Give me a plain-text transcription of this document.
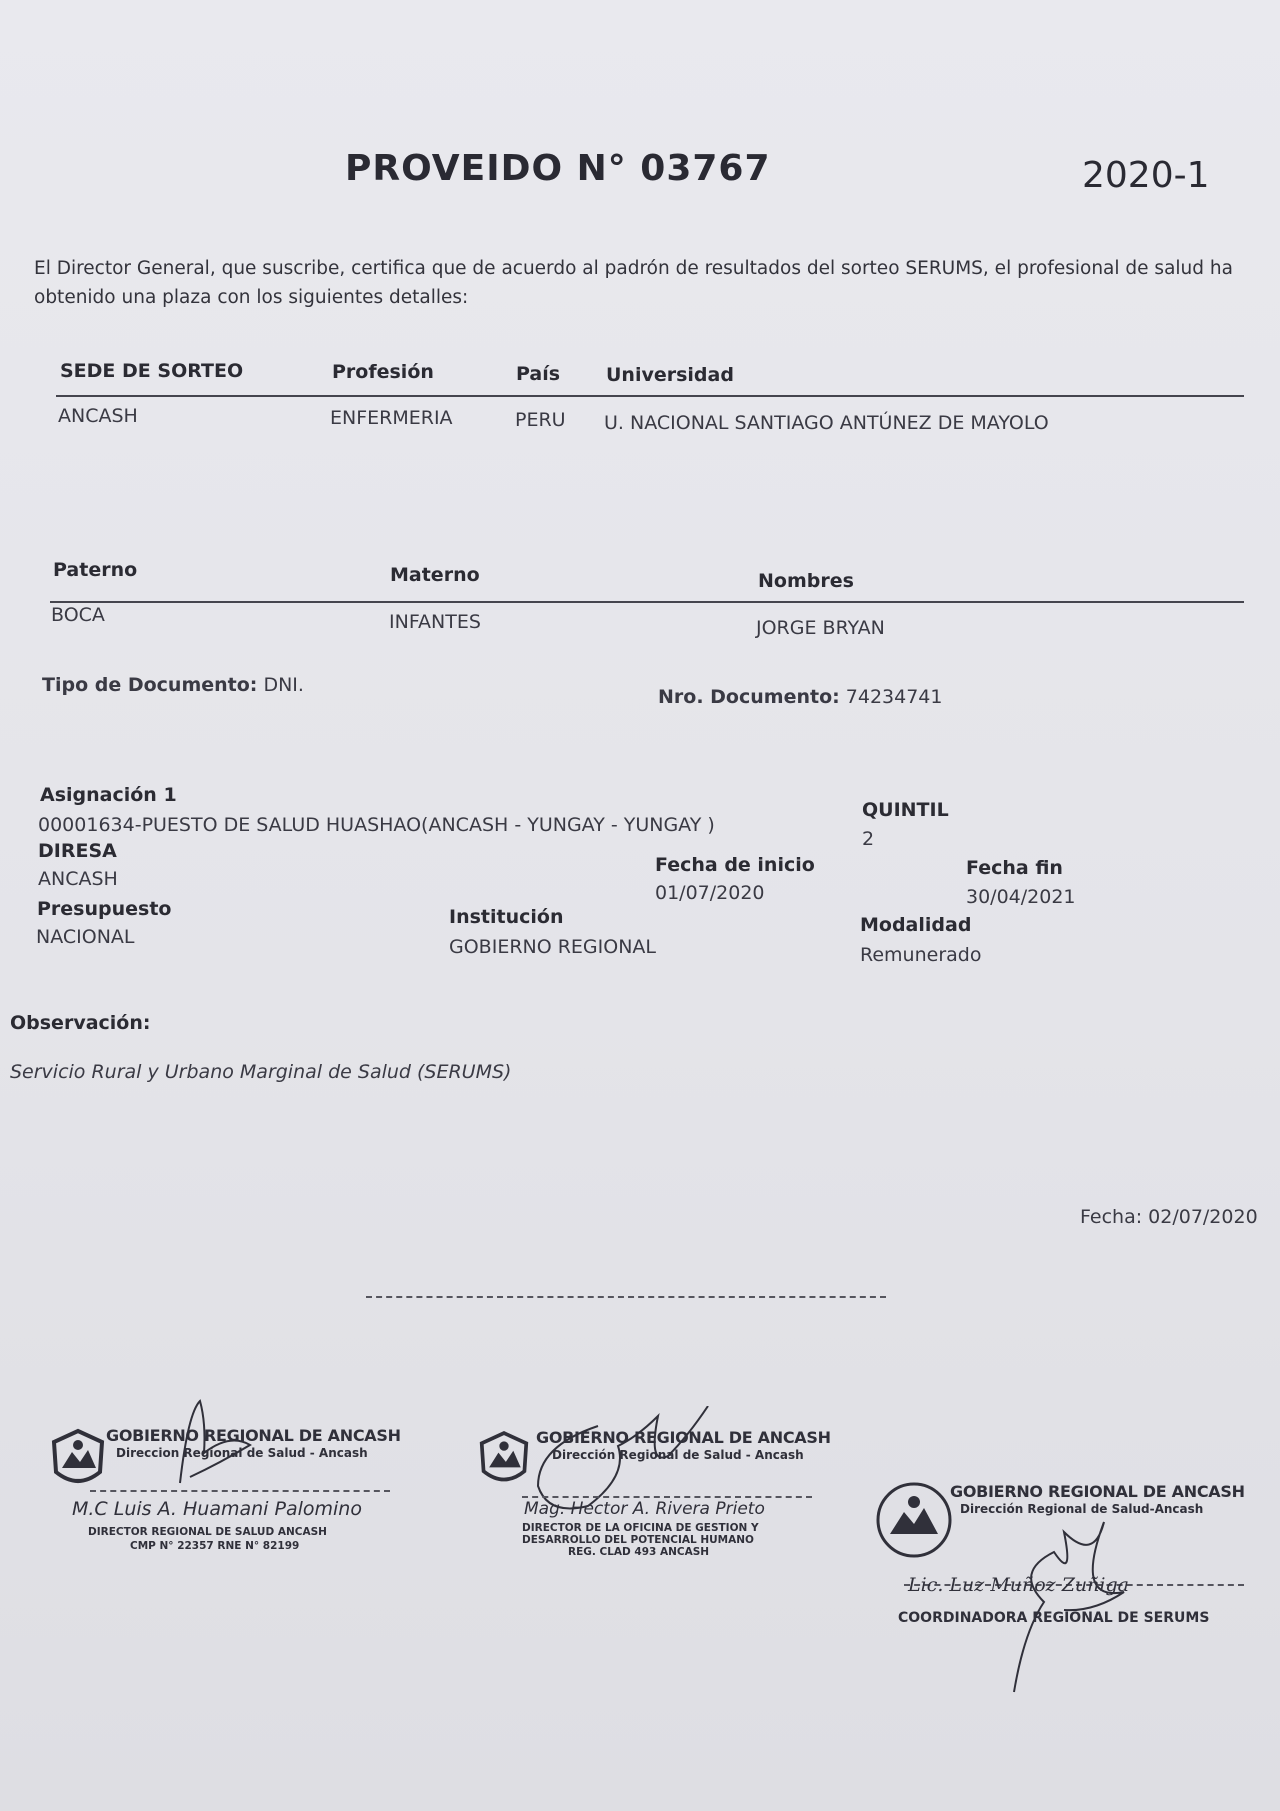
PROVEIDO N° 03767	2020-1
El Director General, que suscribe, certifica que de acuerdo al padrón de resultados del sorteo SERUMS, el profesional de salud ha obtenido una plaza con los siguientes detalles:
SEDE DE SORTEO	Profesión	País Universidad
ANCASH	ENFERMERIA	PERU U. NACIONAL SANTIAGO ANTÚNEZ DE MAYOLO
Paterno	Materno	Nombres
BOCA	INFANTES	JORGE BRYAN
Tipo de Documento: DNI.
Nro. Documento: 74234741
Asignación 1
00001634-PUESTO DE SALUD HUASHAO(ANCASH - YUNGAY - YUNGAY )
QUINTIL
2
DIRESA
ANCASH
Fecha de inicio
01/07/2020
Fecha fin
30/04/2021
Presupuesto
NACIONAL
Institución
GOBIERNO REGIONAL
Modalidad
Remunerado
Observación:
Servicio Rural y Urbano Marginal de Salud (SERUMS)
Fecha: 02/07/2020
GOBIERNO REGIONAL DE ANCASH
Direccion Regional de Salud - Ancash
M.C Luis A. Huamani Palomino
DIRECTOR REGIONAL DE SALUD ANCASH
CMP N° 22357 RNE N° 82199
GOBIERNO REGIONAL DE ANCASH
Dirección Regional de Salud - Ancash
Mag. Hector A. Rivera Prieto
DIRECTOR DE LA OFICINA DE GESTION Y
DESARROLLO DEL POTENCIAL HUMANO
REG. CLAD 493 ANCASH
GOBIERNO REGIONAL DE ANCASH
Dirección Regional de Salud-Ancash
Lic. Luz Muñoz Zuñiga
COORDINADORA REGIONAL DE SERUMS
